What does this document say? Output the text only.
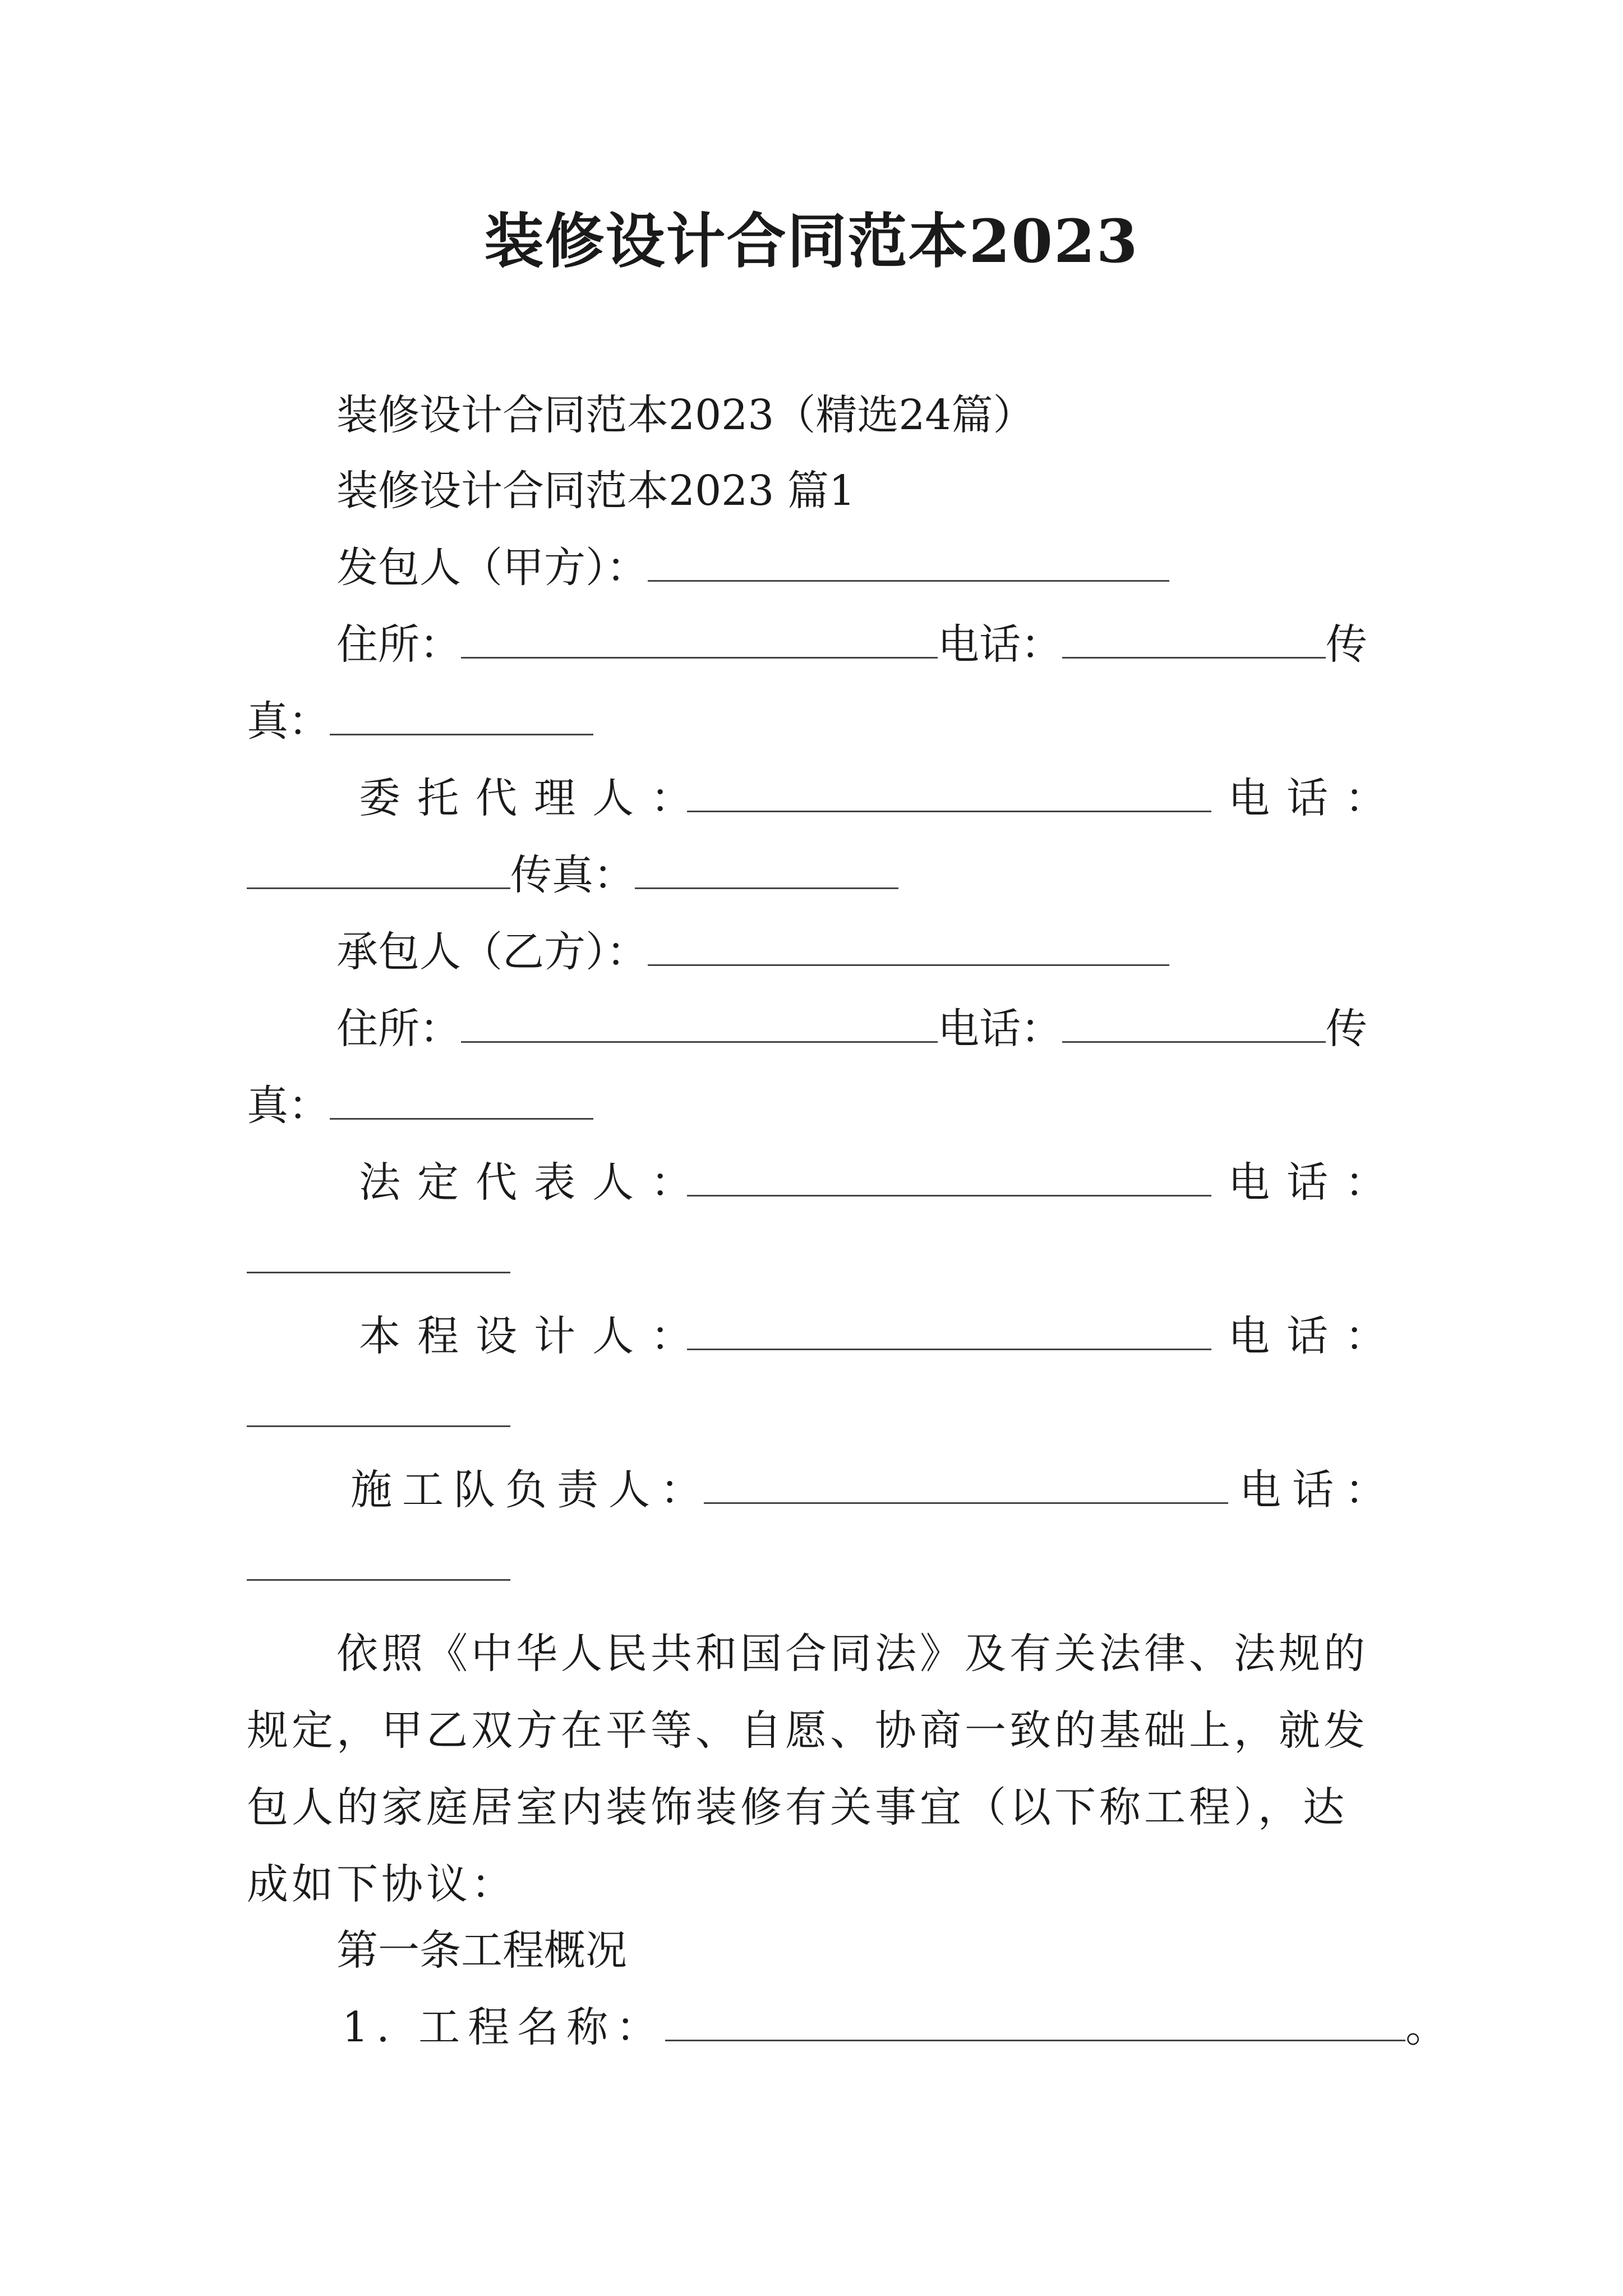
装修设计合同范本2023
装修设计合同范本2023（精选24篇）
装修设计合同范本2023 篇1
发包人（甲方）：
住所：	电话：	传
真：
委托代理人：	电话：
传真：
承包人（乙方）：
住所：	电话：	传
真：
法定代表人：	电话：
本程设计人：	电话：
施工队负责人：	电话：
依照《中华人民共和国合同法》及有关法律、法规的规定，甲乙双方在平等、自愿、协商一致的基础上，就发包人的家庭居室内装饰装修有关事宜（以下称工程），达成如下协议：
第一条工程概况
1. 工程名称：	。
